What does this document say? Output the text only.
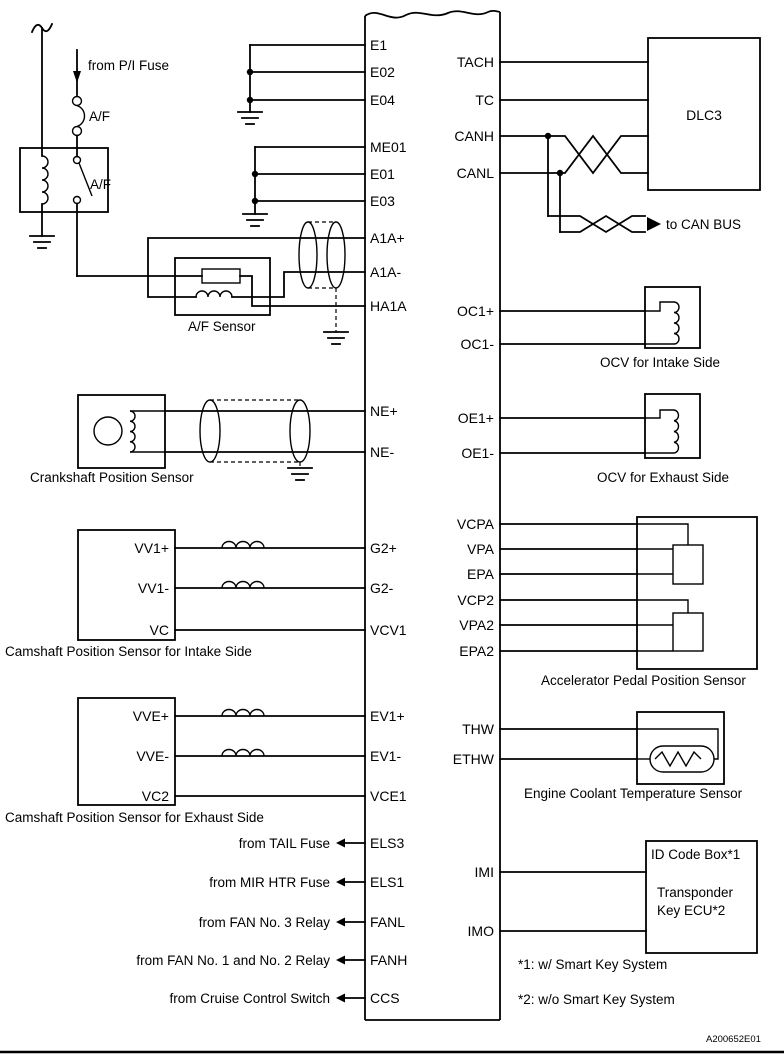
E1
E02
E04
ME01
E01
E03
A1A+
A1A-
HA1A
NE+
NE-
G2+
G2-
VCV1
EV1+
EV1-
VCE1
ELS3
ELS1
FANL
FANH
CCS
TACH
TC
CANH
CANL
OC1+
OC1-
OE1+
OE1-
VCPA
VPA
EPA
VCP2
VPA2
EPA2
THW
ETHW
IMI
IMO
from P/I Fuse
A/F
A/F
A/F Sensor
Crankshaft Position Sensor
VV1+
VV1-
VC
Camshaft Position Sensor for Intake Side
VVE+
VVE-
VC2
Camshaft Position Sensor for Exhaust Side
from TAIL Fuse
from MIR HTR Fuse
from FAN No. 3 Relay
from FAN No. 1 and No. 2 Relay
from Cruise Control Switch
DLC3
to CAN BUS
OCV for Intake Side
OCV for Exhaust Side
Accelerator Pedal Position Sensor
Engine Coolant Temperature Sensor
ID Code Box*1
Transponder
Key ECU*2
*1: w/ Smart Key System
*2: w/o Smart Key System
A200652E01
